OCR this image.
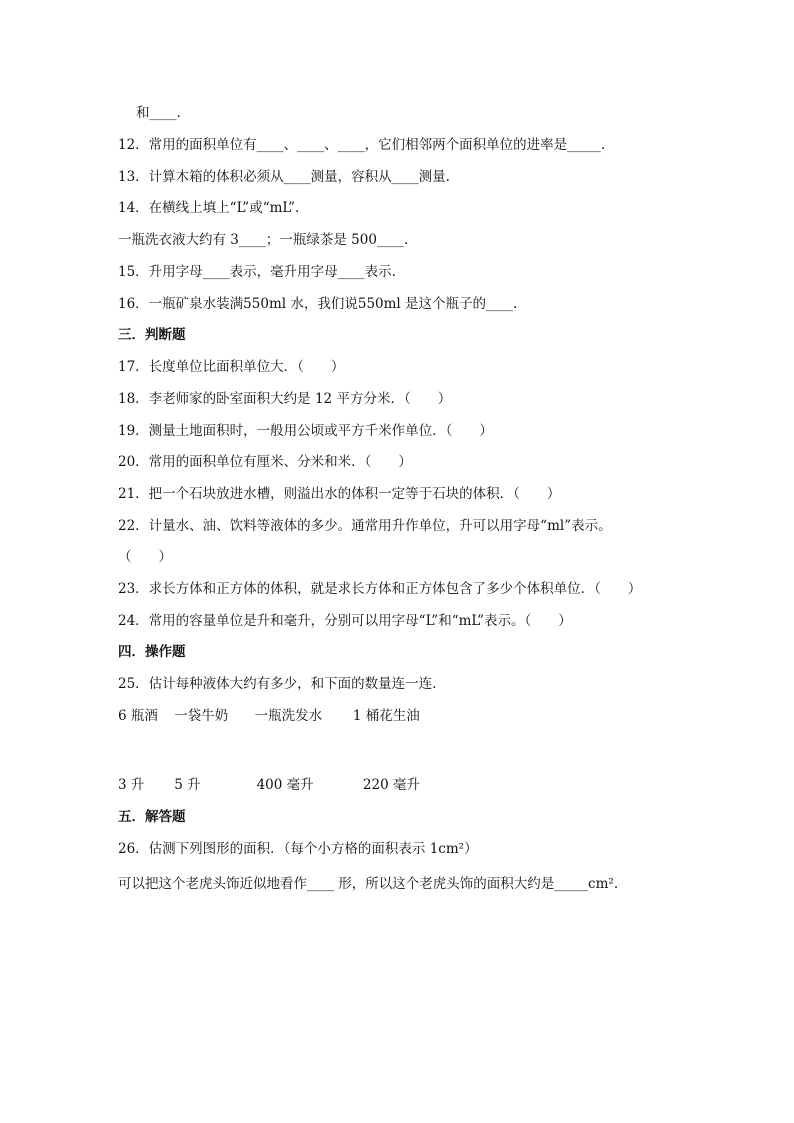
和____.
12．常用的面积单位有____、____、____，它们相邻两个面积单位的进率是_____.
13．计算木箱的体积必须从____测量，容积从____测量.
14．在横线上填上“L”或“mL”.
一瓶洗衣液大约有 3____；一瓶绿茶是 500____.
15．升用字母____表示，毫升用字母____表示.
16．一瓶矿泉水装满550ml 水，我们说550ml 是这个瓶子的____.
三．判断题
17．长度单位比面积单位大．（　　）
18．李老师家的卧室面积大约是 12 平方分米．（　　）
19．测量土地面积时，一般用公顷或平方千米作单位．（　　）
20．常用的面积单位有厘米、分米和米．（　　）
21．把一个石块放进水槽，则溢出水的体积一定等于石块的体积．（　　）
22．计量水、油、饮料等液体的多少。通常用升作单位，升可以用字母“ml”表示。
（　　）
23．求长方体和正方体的体积，就是求长方体和正方体包含了多少个体积单位．（　　）
24．常用的容量单位是升和毫升，分别可以用字母“L”和“mL”表示。（　　）
四．操作题
25．估计每种液体大约有多少，和下面的数量连一连.
6 瓶酒 一袋牛奶 一瓶洗发水 1 桶花生油
3 升 5 升	400 毫升	220 毫升
五．解答题
26．估测下列图形的面积．（每个小方格的面积表示 1cm²）
可以把这个老虎头饰近似地看作____ 形，所以这个老虎头饰的面积大约是_____cm².
